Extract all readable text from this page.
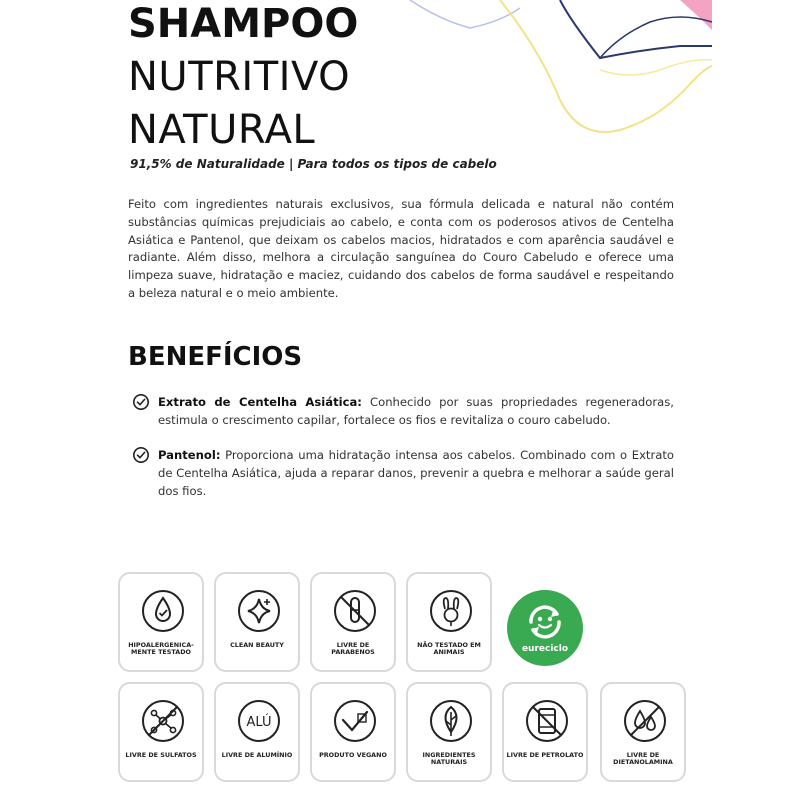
SHAMPOO
NUTRITIVO
NATURAL

91,5% de Naturalidade | Para todos os tipos de cabelo

Feito com ingredientes naturais exclusivos, sua fórmula delicada e natural não contém substâncias químicas prejudiciais ao cabelo, e conta com os poderosos ativos de Centelha Asiática e Pantenol, que deixam os cabelos macios, hidratados e com aparência saudável e radiante. Além disso, melhora a circulação sanguínea do Couro Cabeludo e oferece uma limpeza suave, hidratação e maciez, cuidando dos cabelos de forma saudável e respeitando a beleza natural e o meio ambiente.

BENEFÍCIOS

Extrato de Centelha Asiática: Conhecido por suas propriedades regeneradoras, estimula o crescimento capilar, fortalece os fios e revitaliza o couro cabeludo.

Pantenol: Proporciona uma hidratação intensa aos cabelos. Combinado com o Extrato de Centelha Asiática, ajuda a reparar danos, prevenir a quebra e melhorar a saúde geral dos fios.

HIPOALERGENICA-MENTE TESTADO
CLEAN BEAUTY	LIVRE DE PARABENOS
NÃO TESTADO EM ANIMAIS	eureciclo
LIVRE DE SULFATOS
ALÚ
LIVRE DE ALUMÍNIO	PRODUTO VEGANO	INGREDIENTES NATURAIS
LIVRE DE PETROLATO	LIVRE DE DIETANOLAMINA
